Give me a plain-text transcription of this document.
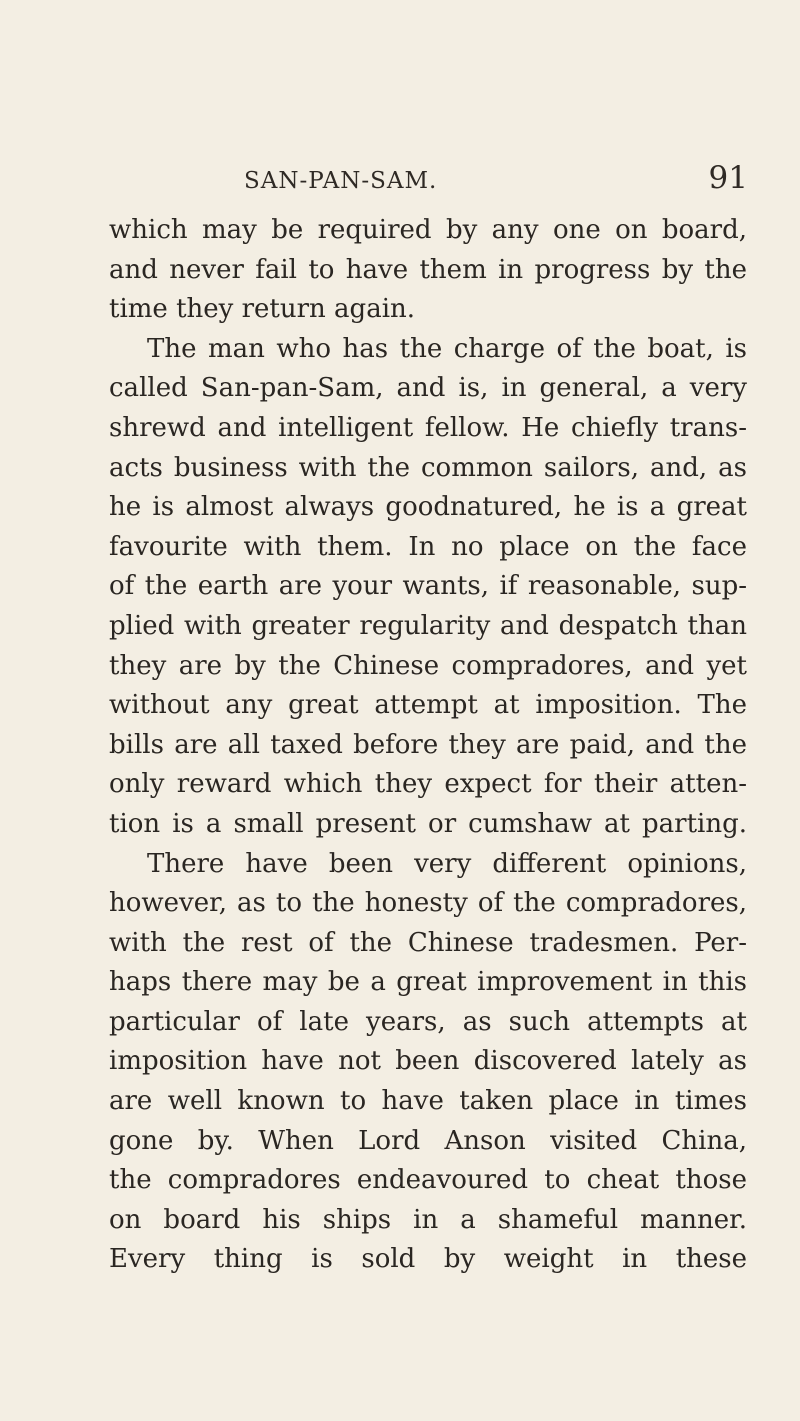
SAN-PAN-SAM.	91
which may be required by any one on board,
and never fail to have them in progress by the
time they return again.
The man who has the charge of the boat, is
called San-pan-Sam, and is, in general, a very
shrewd and intelligent fellow. He chiefly trans-
acts business with the common sailors, and, as
he is almost always goodnatured, he is a great
favourite with them. In no place on the face
of the earth are your wants, if reasonable, sup-
plied with greater regularity and despatch than
they are by the Chinese compradores, and yet
without any great attempt at imposition. The
bills are all taxed before they are paid, and the
only reward which they expect for their atten-
tion is a small present or cumshaw at parting.
There have been very different opinions,
however, as to the honesty of the compradores,
with the rest of the Chinese tradesmen. Per-
haps there may be a great improvement in this
particular of late years, as such attempts at
imposition have not been discovered lately as
are well known to have taken place in times
gone by. When Lord Anson visited China,
the compradores endeavoured to cheat those
on board his ships in a shameful manner.
Every thing is sold by weight in these
